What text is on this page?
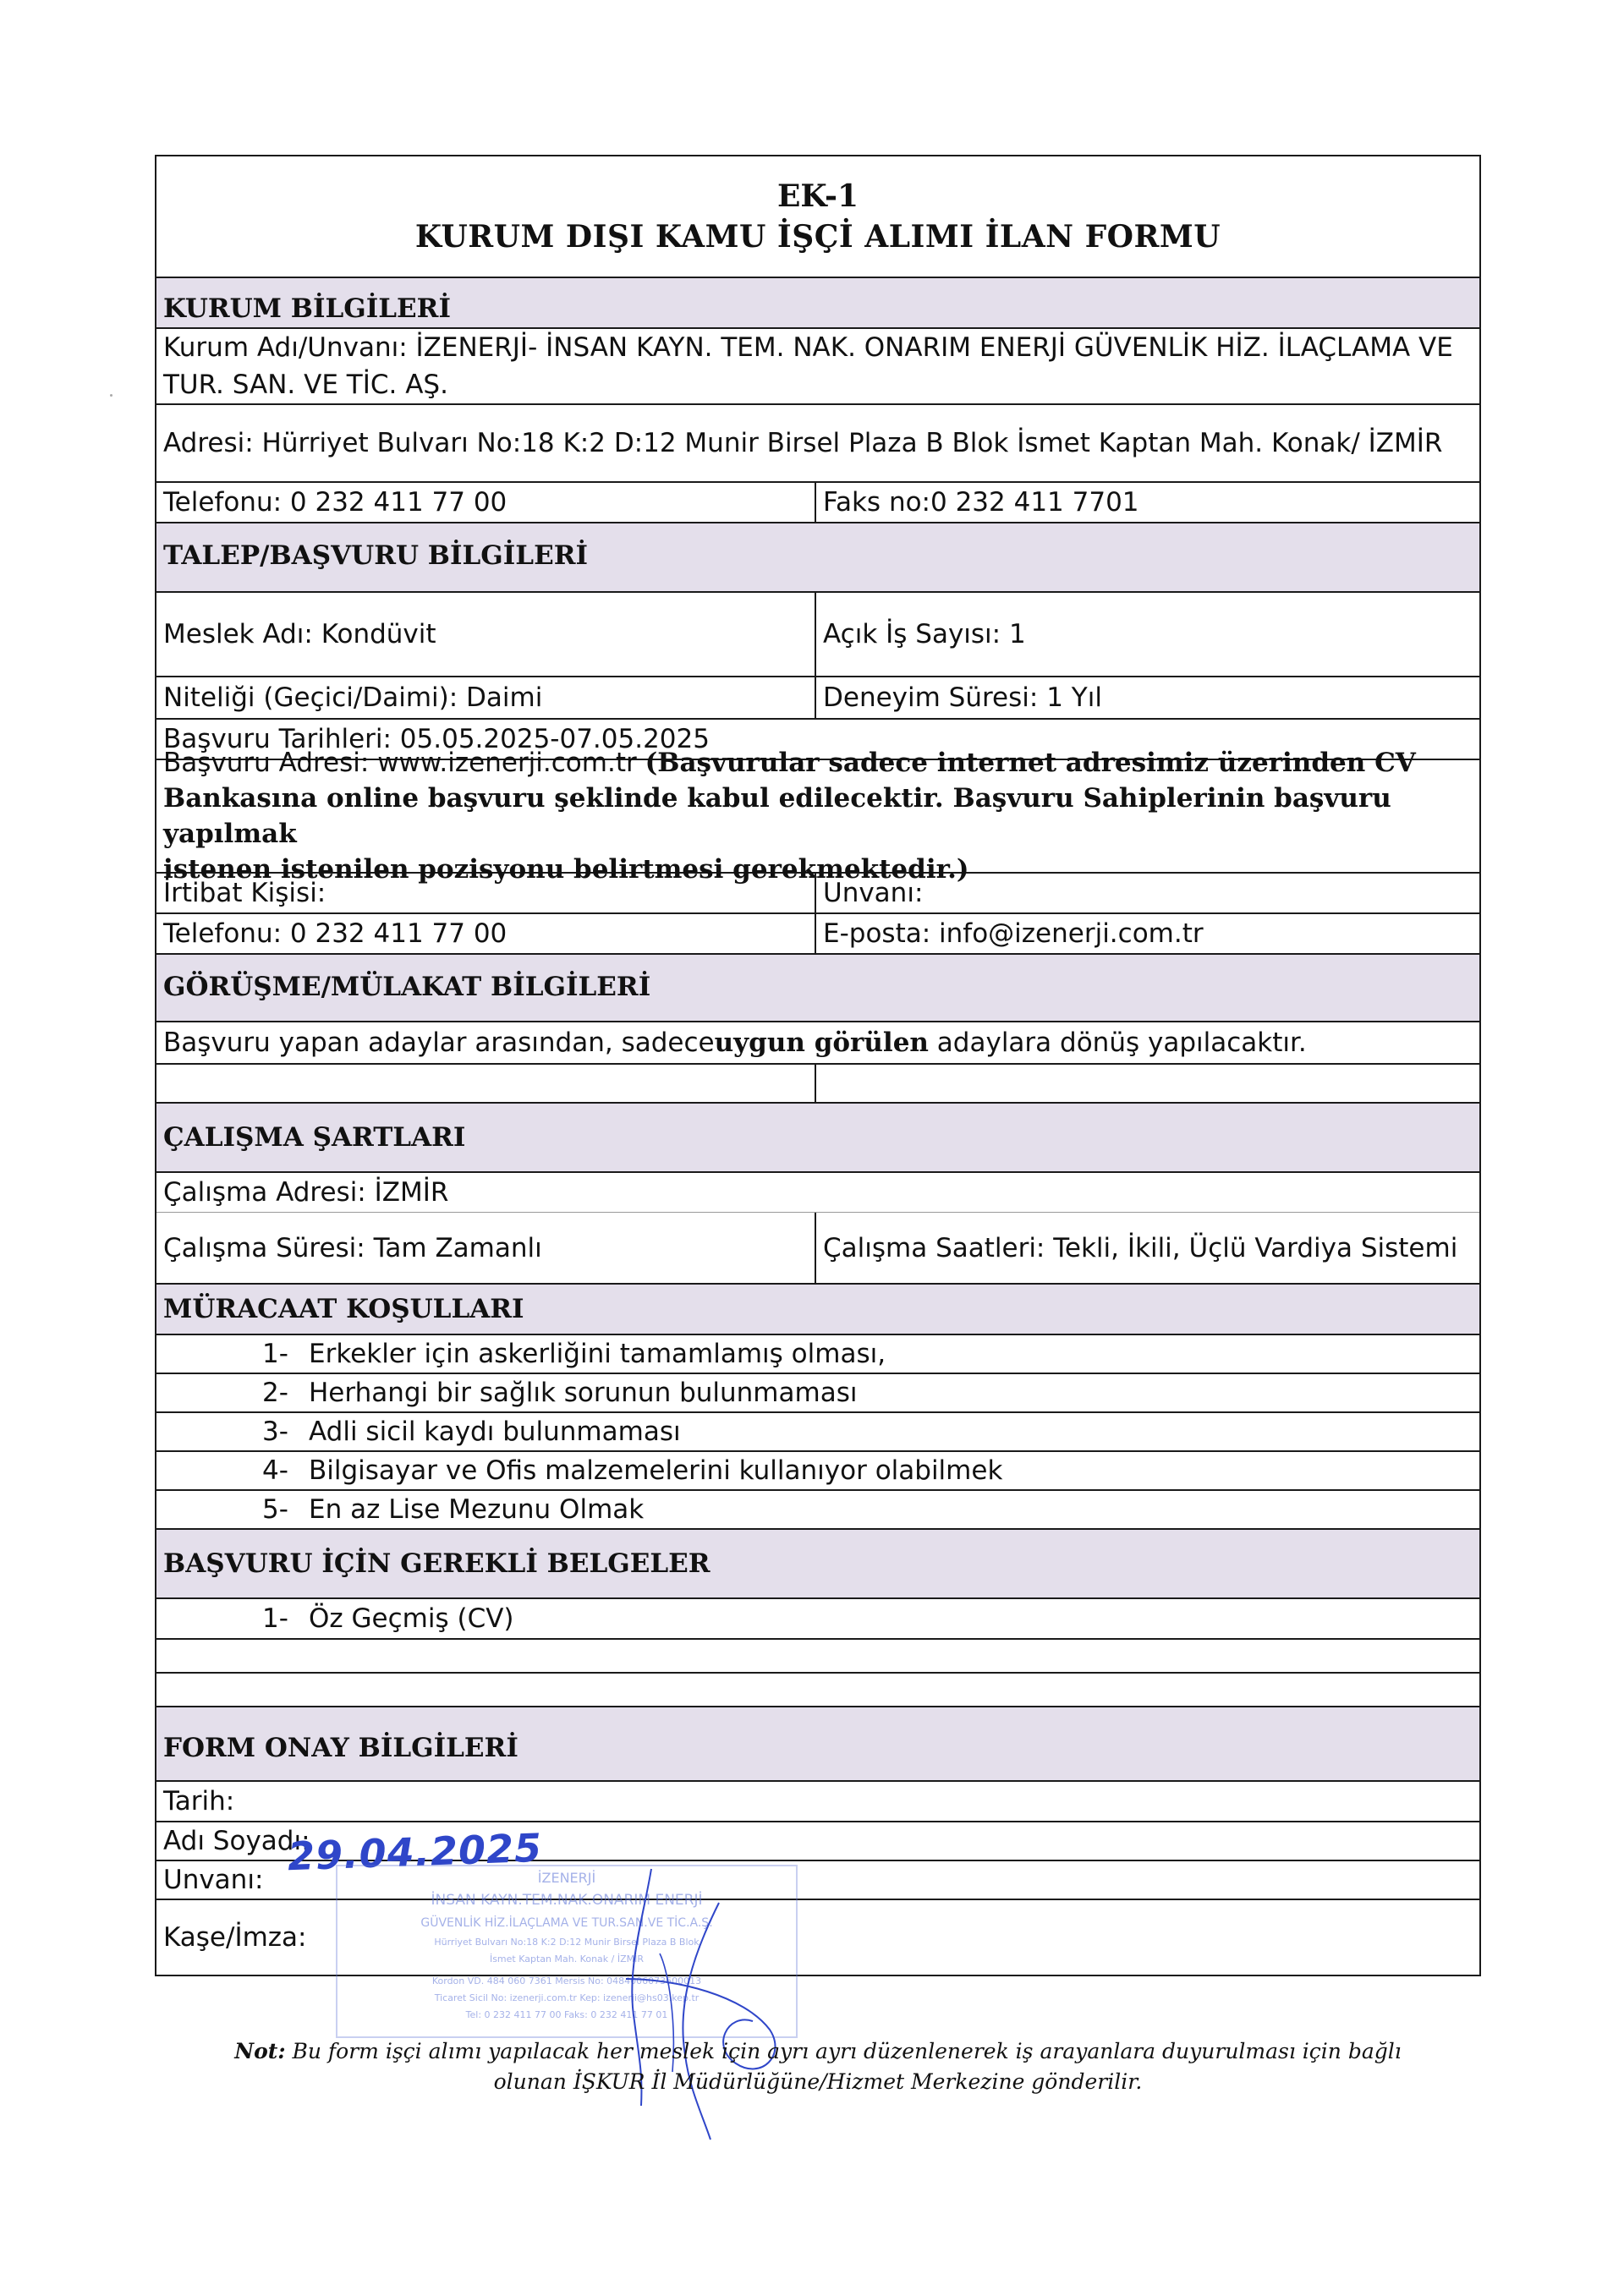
EK-1
KURUM DIŞI KAMU İŞÇİ ALIMI İLAN FORMU
KURUM BİLGİLERİ
Kurum Adı/Unvanı: İZENERJİ- İNSAN KAYN. TEM. NAK. ONARIM ENERJİ GÜVENLİK HİZ. İLAÇLAMA VE
TUR. SAN. VE TİC. AŞ.
Adresi: Hürriyet Bulvarı No:18 K:2 D:12 Munir Birsel Plaza B Blok İsmet Kaptan Mah. Konak/ İZMİR
Telefonu: 0 232 411 77 00	Faks no:0 232 411 7701
TALEP/BAŞVURU BİLGİLERİ
Meslek Adı: Kondüvit	Açık İş Sayısı: 1
Niteliği (Geçici/Daimi): Daimi	Deneyim Süresi: 1 Yıl
Başvuru Tarihleri: 05.05.2025-07.05.2025
Başvuru Adresi: www.izenerji.com.tr (Başvurular sadece internet adresimiz üzerinden CV
Bankasına online başvuru şeklinde kabul edilecektir. Başvuru Sahiplerinin başvuru yapılmak
istenen istenilen pozisyonu belirtmesi gerekmektedir.)
İrtibat Kişisi:	Unvanı:
Telefonu: 0 232 411 77 00	E-posta: info@izenerji.com.tr
GÖRÜŞME/MÜLAKAT BİLGİLERİ
Başvuru yapan adaylar arasından, sadece uygun görülen adaylara dönüş yapılacaktır.
ÇALIŞMA ŞARTLARI
Çalışma Adresi: İZMİR
Çalışma Süresi: Tam Zamanlı	Çalışma Saatleri: Tekli, İkili, Üçlü Vardiya Sistemi
MÜRACAAT KOŞULLARI
1- Erkekler için askerliğini tamamlamış olması,
2- Herhangi bir sağlık sorunun bulunmaması
3- Adli sicil kaydı bulunmaması
4- Bilgisayar ve Ofis malzemelerini kullanıyor olabilmek
5- En az Lise Mezunu Olmak
BAŞVURU İÇİN GEREKLİ BELGELER
1- Öz Geçmiş (CV)
FORM ONAY BİLGİLERİ
Tarih:
Adı Soyadı:
Unvanı:
Kaşe/İmza:
29.04.2025
İZENERJİ
İNSAN KAYN.TEM.NAK.ONARIM ENERJİ
GÜVENLİK HİZ.İLAÇLAMA VE TUR.SAN.VE TİC.A.Ş.
Hürriyet Bulvarı No:18 K:2 D:12 Munir Birsel Plaza B Blok
İsmet Kaptan Mah. Konak / İZMİR
Kordon VD. 484 060 7361 Mersis No: 0484006073600013
Ticaret Sicil No: izenerji.com.tr Kep: izenerji@hs03.kep.tr
Tel: 0 232 411 77 00 Faks: 0 232 411 77 01
Not: Bu form işçi alımı yapılacak her meslek için ayrı ayrı düzenlenerek iş arayanlara duyurulması için bağlı
olunan İŞKUR İl Müdürlüğüne/Hizmet Merkezine gönderilir.
